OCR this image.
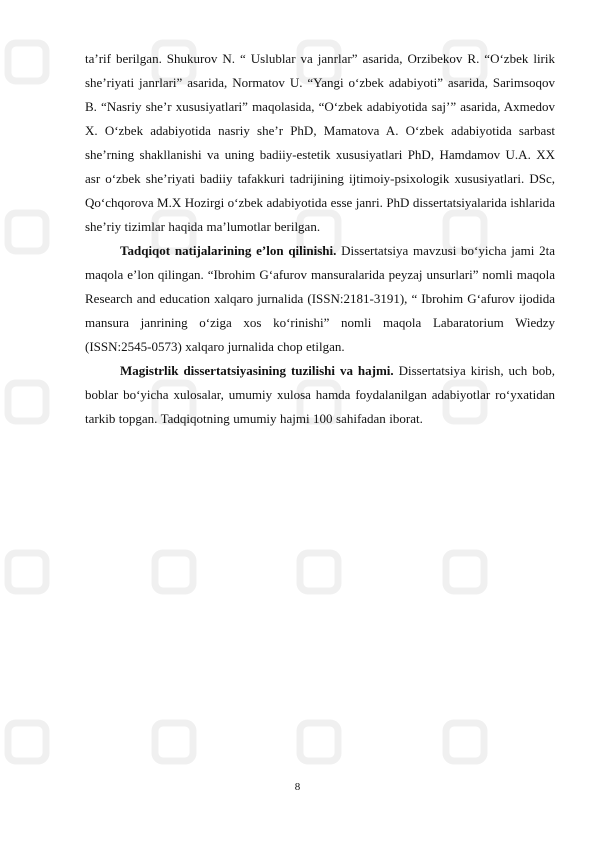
ta’rif berilgan. Shukurov N. “ Uslublar va janrlar” asarida, Orzibekov R. “O‘zbek lirik she’riyati janrlari” asarida, Normatov U. “Yangi o‘zbek adabiyoti” asarida, Sarimsoqov B. “Nasriy she’r xususiyatlari” maqolasida, “O‘zbek adabiyotida saj’” asarida, Axmedov X. O‘zbek adabiyotida nasriy she’r PhD, Mamatova A. O‘zbek adabiyotida sarbast she’rning shakllanishi va uning badiiy-estetik xususiyatlari PhD, Hamdamov U.A. XX asr o‘zbek she’riyati badiiy tafakkuri tadrijining ijtimoiy-psixologik xususiyatlari. DSc, Qo‘chqorova M.X Hozirgi o‘zbek adabiyotida esse janri. PhD dissertatsiyalarida ishlarida she’riy tizimlar haqida ma’lumotlar berilgan.

Tadqiqot natijalarining e’lon qilinishi. Dissertatsiya mavzusi bo‘yicha jami 2ta maqola e’lon qilingan. “Ibrohim G‘afurov mansuralarida peyzaj unsurlari” nomli maqola Research and education xalqaro jurnalida (ISSN:2181-3191), “ Ibrohim G‘afurov ijodida mansura janrining o‘ziga xos ko‘rinishi” nomli maqola Labaratorium Wiedzy (ISSN:2545-0573) xalqaro jurnalida chop etilgan.

Magistrlik dissertatsiyasining tuzilishi va hajmi. Dissertatsiya kirish, uch bob, boblar bo‘yicha xulosalar, umumiy xulosa hamda foydalanilgan adabiyotlar ro‘yxatidan tarkib topgan. Tadqiqotning umumiy hajmi 100 sahifadan iborat.

8
